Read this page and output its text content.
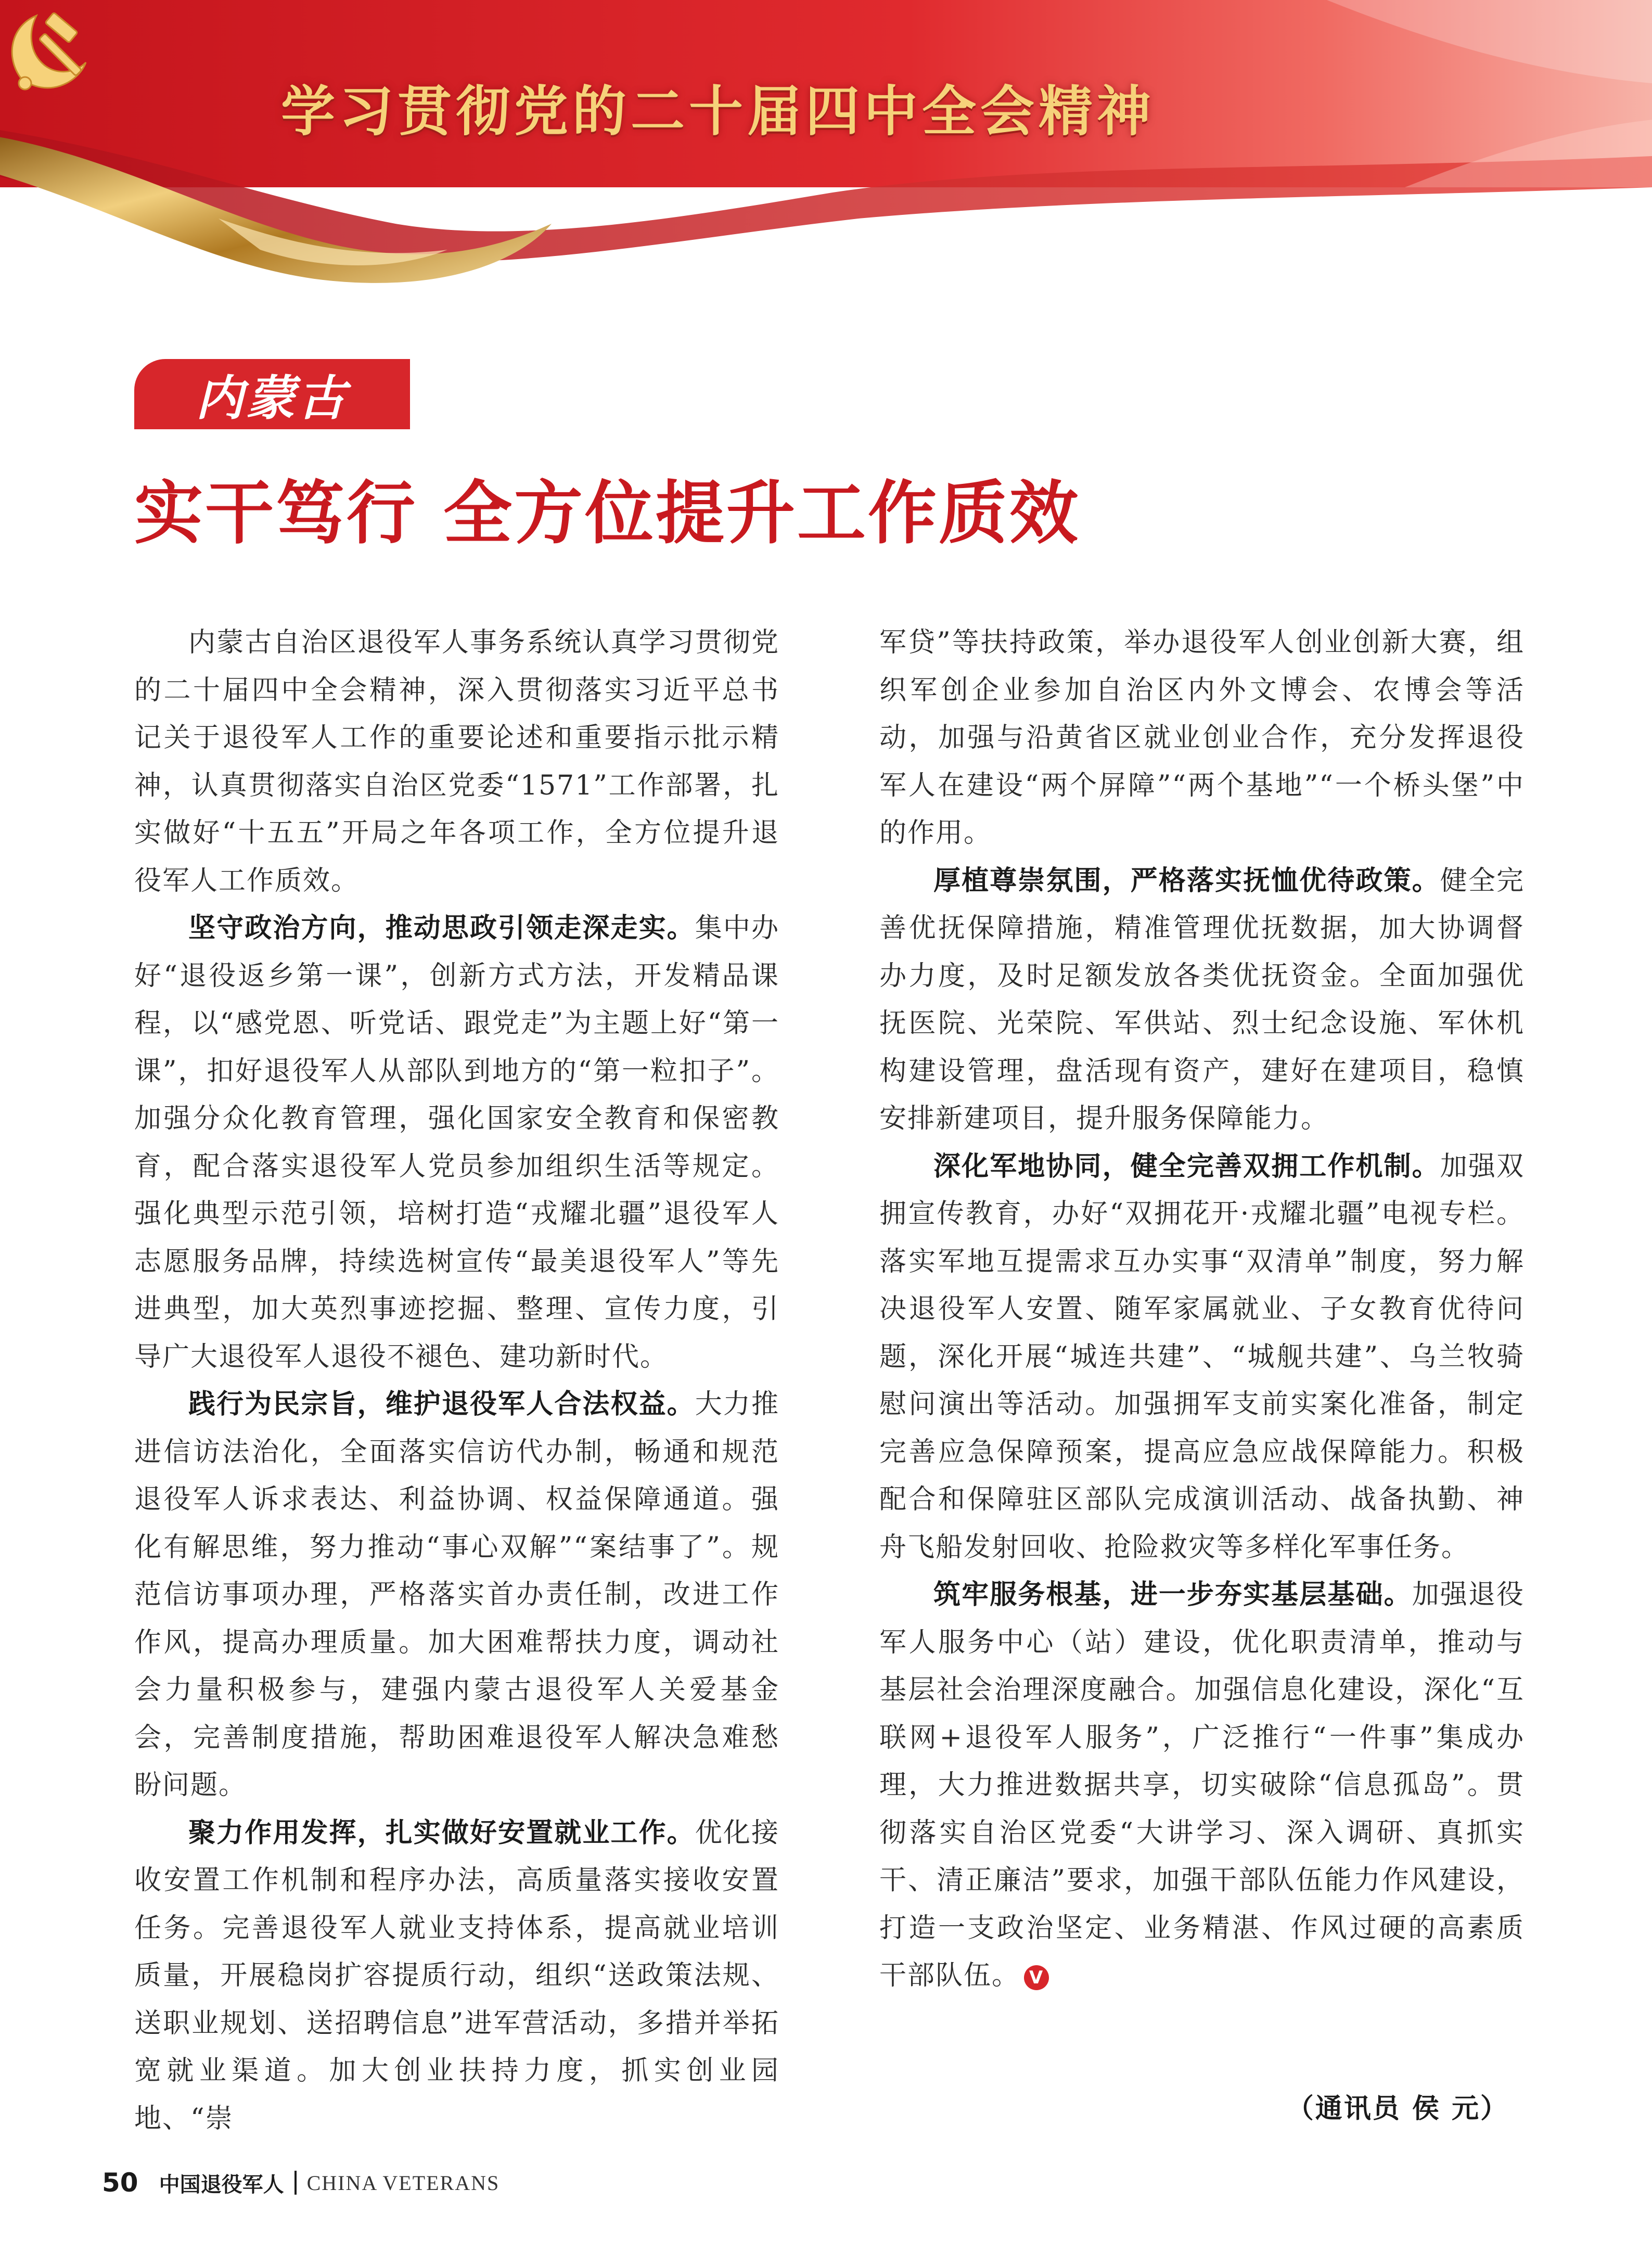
学习贯彻党的二十届四中全会精神
内蒙古
实干笃行 全方位提升工作质效

内蒙古自治区退役军人事务系统认真学习贯彻党的二十届四中全会精神，深入贯彻落实习近平总书记关于退役军人工作的重要论述和重要指示批示精神，认真贯彻落实自治区党委“1571”工作部署，扎实做好“十五五”开局之年各项工作，全方位提升退役军人工作质效。

坚守政治方向，推动思政引领走深走实。集中办好“退役返乡第一课”，创新方式方法，开发精品课程，以“感党恩、听党话、跟党走”为主题上好“第一课”，扣好退役军人从部队到地方的“第一粒扣子”。加强分众化教育管理，强化国家安全教育和保密教育，配合落实退役军人党员参加组织生活等规定。强化典型示范引领，培树打造“戎耀北疆”退役军人志愿服务品牌，持续选树宣传“最美退役军人”等先进典型，加大英烈事迹挖掘、整理、宣传力度，引导广大退役军人退役不褪色、建功新时代。

践行为民宗旨，维护退役军人合法权益。大力推进信访法治化，全面落实信访代办制，畅通和规范退役军人诉求表达、利益协调、权益保障通道。强化有解思维，努力推动“事心双解”“案结事了”。规范信访事项办理，严格落实首办责任制，改进工作作风，提高办理质量。加大困难帮扶力度，调动社会力量积极参与，建强内蒙古退役军人关爱基金会，完善制度措施，帮助困难退役军人解决急难愁盼问题。

聚力作用发挥，扎实做好安置就业工作。优化接收安置工作机制和程序办法，高质量落实接收安置任务。完善退役军人就业支持体系，提高就业培训质量，开展稳岗扩容提质行动，组织“送政策法规、送职业规划、送招聘信息”进军营活动，多措并举拓宽就业渠道。加大创业扶持力度，抓实创业园地、“崇

军贷”等扶持政策，举办退役军人创业创新大赛，组织军创企业参加自治区内外文博会、农博会等活动，加强与沿黄省区就业创业合作，充分发挥退役军人在建设“两个屏障”“两个基地”“一个桥头堡”中的作用。

厚植尊崇氛围，严格落实抚恤优待政策。健全完善优抚保障措施，精准管理优抚数据，加大协调督办力度，及时足额发放各类优抚资金。全面加强优抚医院、光荣院、军供站、烈士纪念设施、军休机构建设管理，盘活现有资产，建好在建项目，稳慎安排新建项目，提升服务保障能力。

深化军地协同，健全完善双拥工作机制。加强双拥宣传教育，办好“双拥花开·戎耀北疆”电视专栏。落实军地互提需求互办实事“双清单”制度，努力解决退役军人安置、随军家属就业、子女教育优待问题，深化开展“城连共建”、“城舰共建”、乌兰牧骑慰问演出等活动。加强拥军支前实案化准备，制定完善应急保障预案，提高应急应战保障能力。积极配合和保障驻区部队完成演训活动、战备执勤、神舟飞船发射回收、抢险救灾等多样化军事任务。

筑牢服务根基，进一步夯实基层基础。加强退役军人服务中心（站）建设，优化职责清单，推动与基层社会治理深度融合。加强信息化建设，深化“互联网+退役军人服务”，广泛推行“一件事”集成办理，大力推进数据共享，切实破除“信息孤岛”。贯彻落实自治区党委“大讲学习、深入调研、真抓实干、清正廉洁”要求，加强干部队伍能力作风建设，打造一支政治坚定、业务精湛、作风过硬的高素质干部队伍。 V

（通讯员 侯 元）
50 中国退役军人 CHINA VETERANS
